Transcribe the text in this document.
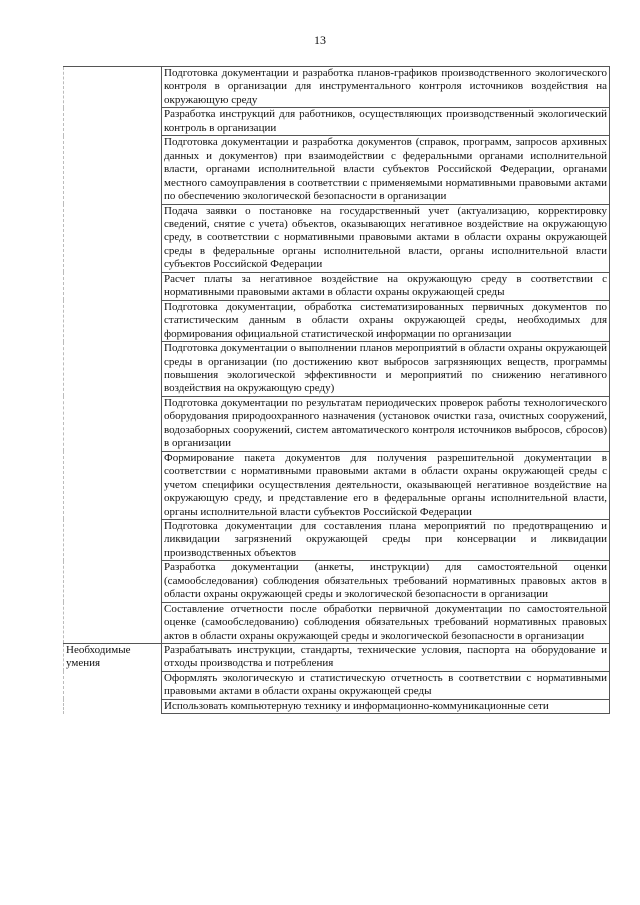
13

	Подготовка документации и разработка планов-графиков производственного экологического контроля в организации для инструментального контроля источников воздействия на окружающую среду

	Разработка инструкций для работников, осуществляющих производственный экологический контроль в организации

	Подготовка документации и разработка документов (справок, программ, запросов архивных данных и документов) при взаимодействии с федеральными органами исполнительной власти, органами исполнительной власти субъектов Российской Федерации, органами местного самоуправления в соответствии с применяемыми нормативными правовыми актами по обеспечению экологической безопасности в организации

	Подача заявки о постановке на государственный учет (актуализацию, корректировку сведений, снятие с учета) объектов, оказывающих негативное воздействие на окружающую среду, в соответствии с нормативными правовыми актами в области охраны окружающей среды в федеральные органы исполнительной власти, органы исполнительной власти субъектов Российской Федерации

	Расчет платы за негативное воздействие на окружающую среду в соответствии с нормативными правовыми актами в области охраны окружающей среды

	Подготовка документации, обработка систематизированных первичных документов по статистическим данным в области охраны окружающей среды, необходимых для формирования официальной статистической информации по организации

	Подготовка документации о выполнении планов мероприятий в области охраны окружающей среды в организации (по достижению квот выбросов загрязняющих веществ, программы повышения экологической эффективности и мероприятий по снижению негативного воздействия на окружающую среду)

	Подготовка документации по результатам периодических проверок работы технологического оборудования природоохранного назначения (установок очистки газа, очистных сооружений, водозаборных сооружений, систем автоматического контроля источников выбросов, сбросов) в организации

	Формирование пакета документов для получения разрешительной документации в соответствии с нормативными правовыми актами в области охраны окружающей среды с учетом специфики осуществления деятельности, оказывающей негативное воздействие на окружающую среду, и представление его в федеральные органы исполнительной власти, органы исполнительной власти субъектов Российской Федерации

	Подготовка документации для составления плана мероприятий по предотвращению и ликвидации загрязнений окружающей среды при консервации и ликвидации производственных объектов

	Разработка документации (анкеты, инструкции) для самостоятельной оценки (самообследования) соблюдения обязательных требований нормативных правовых актов в области охраны окружающей среды и экологической безопасности в организации

	Составление отчетности после обработки первичной документации по самостоятельной оценке (самообследованию) соблюдения обязательных требований нормативных правовых актов в области охраны окружающей среды и экологической безопасности в организации

Необходимые умения	Разрабатывать инструкции, стандарты, технические условия, паспорта на оборудование и отходы производства и потребления

	Оформлять экологическую и статистическую отчетность в соответствии с нормативными правовыми актами в области охраны окружающей среды

	Использовать компьютерную технику и информационно-коммуникационные сети
